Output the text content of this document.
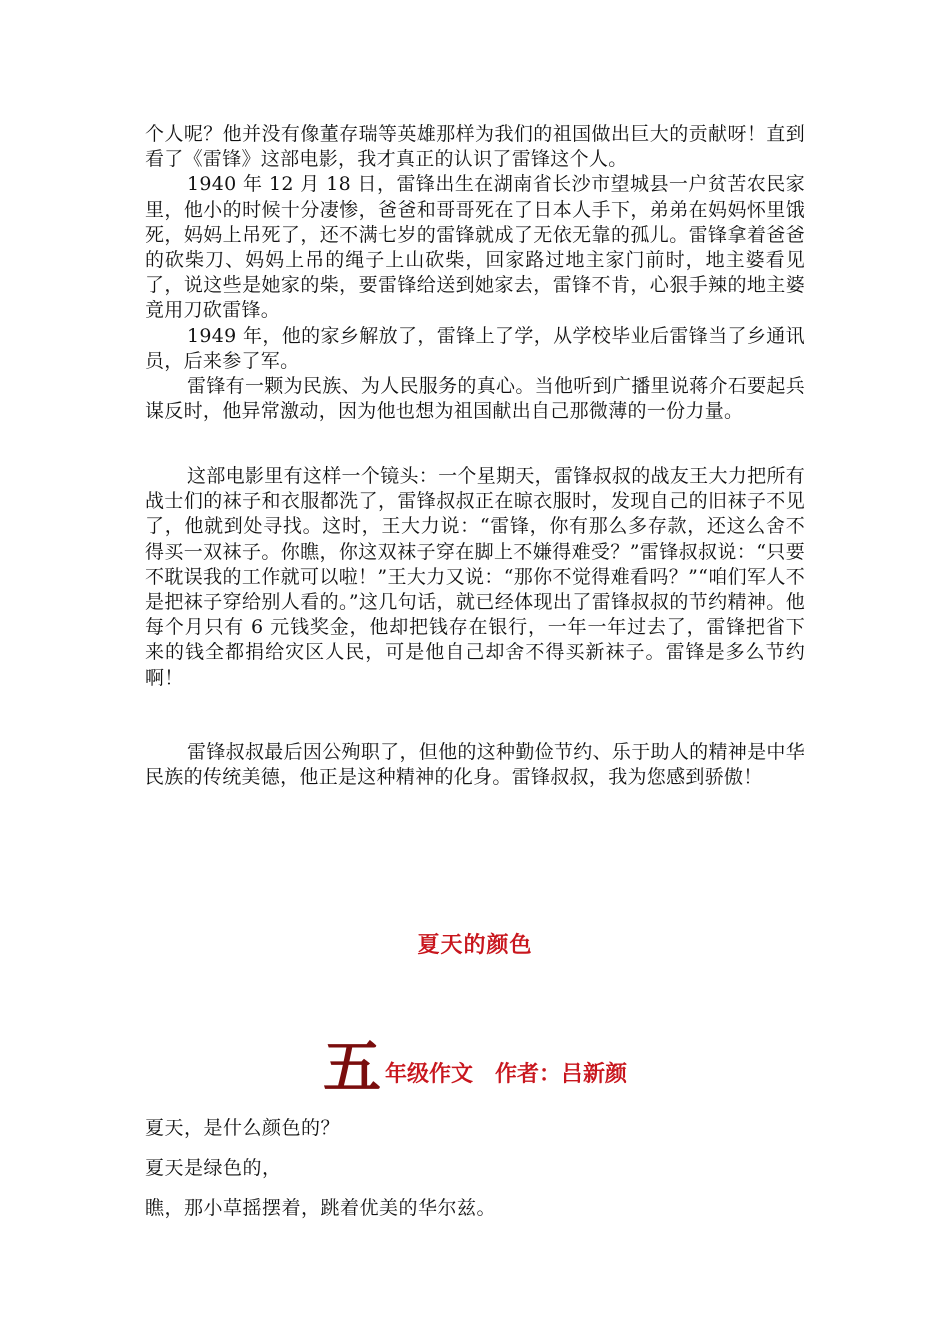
个人呢？他并没有像董存瑞等英雄那样为我们的祖国做出巨大的贡献呀！直到看了《雷锋》这部电影，我才真正的认识了雷锋这个人。

1940 年 12 月 18 日，雷锋出生在湖南省长沙市望城县一户贫苦农民家里，他小的时候十分凄惨，爸爸和哥哥死在了日本人手下，弟弟在妈妈怀里饿死，妈妈上吊死了，还不满七岁的雷锋就成了无依无靠的孤儿。雷锋拿着爸爸的砍柴刀、妈妈上吊的绳子上山砍柴，回家路过地主家门前时，地主婆看见了，说这些是她家的柴，要雷锋给送到她家去，雷锋不肯，心狠手辣的地主婆竟用刀砍雷锋。

1949 年，他的家乡解放了，雷锋上了学，从学校毕业后雷锋当了乡通讯员，后来参了军。

雷锋有一颗为民族、为人民服务的真心。当他听到广播里说蒋介石要起兵谋反时，他异常激动，因为他也想为祖国献出自己那微薄的一份力量。

这部电影里有这样一个镜头：一个星期天，雷锋叔叔的战友王大力把所有战士们的袜子和衣服都洗了，雷锋叔叔正在晾衣服时，发现自己的旧袜子不见了，他就到处寻找。这时，王大力说：“雷锋，你有那么多存款，还这么舍不得买一双袜子。你瞧，你这双袜子穿在脚上不嫌得难受？”雷锋叔叔说：“只要不耽误我的工作就可以啦！”王大力又说：“那你不觉得难看吗？”“咱们军人不是把袜子穿给别人看的。”这几句话，就已经体现出了雷锋叔叔的节约精神。他每个月只有 6 元钱奖金，他却把钱存在银行，一年一年过去了，雷锋把省下来的钱全都捐给灾区人民，可是他自己却舍不得买新袜子。雷锋是多么节约啊！

雷锋叔叔最后因公殉职了，但他的这种勤俭节约、乐于助人的精神是中华民族的传统美德，他正是这种精神的化身。雷锋叔叔，我为您感到骄傲！

夏天的颜色
五年级作文 作者：吕新颜

夏天，是什么颜色的？

夏天是绿色的，

瞧，那小草摇摆着，跳着优美的华尔兹。
